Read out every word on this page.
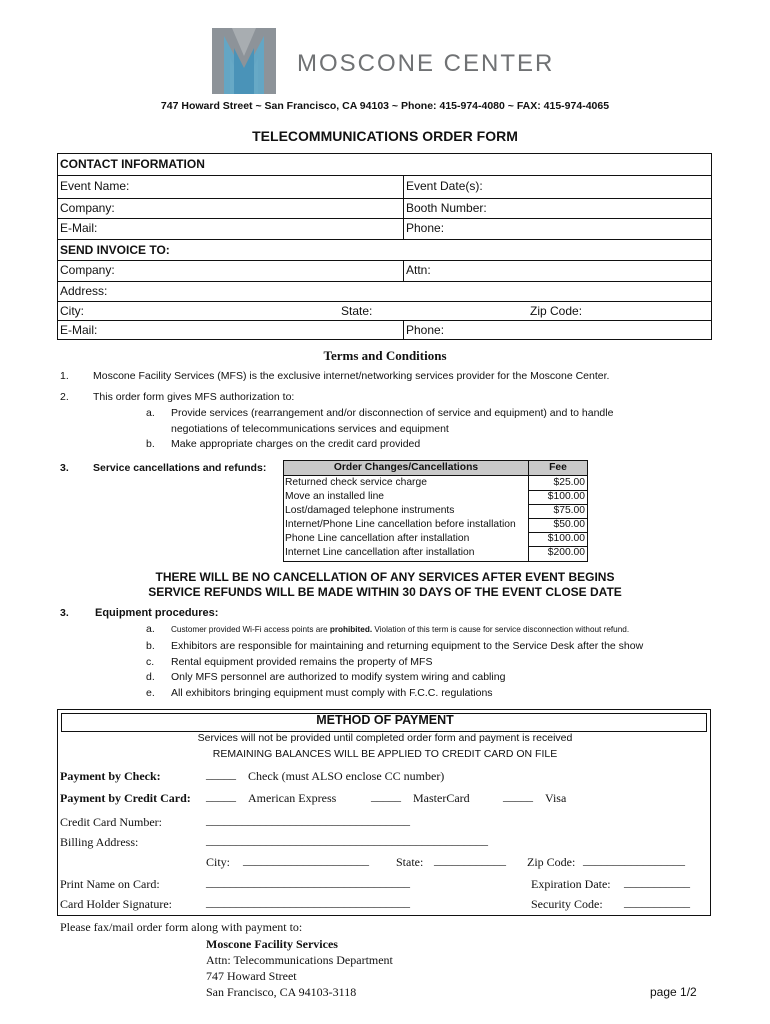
MOSCONE CENTER
747 Howard Street ~ San Francisco, CA 94103 ~ Phone: 415-974-4080 ~ FAX: 415-974-4065
TELECOMMUNICATIONS ORDER FORM
CONTACT INFORMATION
Event Name:	Event Date(s):
Company:	Booth Number:
E-Mail:	Phone:
SEND INVOICE TO:
Company:	Attn:
Address:
City:	State:	Zip Code:
E-Mail:	Phone:
Terms and Conditions
1. Moscone Facility Services (MFS) is the exclusive internet/networking services provider for the Moscone Center.
2. This order form gives MFS authorization to:
a. Provide services (rearrangement and/or disconnection of service and equipment) and to handle
negotiations of telecommunications services and equipment
b. Make appropriate charges on the credit card provided
3. Service cancellations and refunds:	Order Changes/Cancellations	Fee
Returned check service charge	$25.00
Move an installed line	$100.00
Lost/damaged telephone instruments	$75.00
Internet/Phone Line cancellation before installation	$50.00
Phone Line cancellation after installation	$100.00
Internet Line cancellation after installation	$200.00
THERE WILL BE NO CANCELLATION OF ANY SERVICES AFTER EVENT BEGINS
SERVICE REFUNDS WILL BE MADE WITHIN 30 DAYS OF THE EVENT CLOSE DATE
3. Equipment procedures:
a. Customer provided Wi-Fi access points are prohibited. Violation of this term is cause for service disconnection without refund.
b. Exhibitors are responsible for maintaining and returning equipment to the Service Desk after the show
c. Rental equipment provided remains the property of MFS
d. Only MFS personnel are authorized to modify system wiring and cabling
e. All exhibitors bringing equipment must comply with F.C.C. regulations
METHOD OF PAYMENT
Services will not be provided until completed order form and payment is received
REMAINING BALANCES WILL BE APPLIED TO CREDIT CARD ON FILE
Payment by Check:	_____ Check (must ALSO enclose CC number)
Payment by Credit Card: _____ American Express	_____ MasterCard	_____ Visa
Credit Card Number:	__________________________________
Billing Address:	_______________________________________________
City: _____________________ State: ____________ Zip Code: _________________
Print Name on Card:	__________________________________	Expiration Date: ___________
Card Holder Signature:	__________________________________	Security Code: ___________
Please fax/mail order form along with payment to:
Moscone Facility Services
Attn: Telecommunications Department
747 Howard Street
San Francisco, CA 94103-3118	page 1/2
